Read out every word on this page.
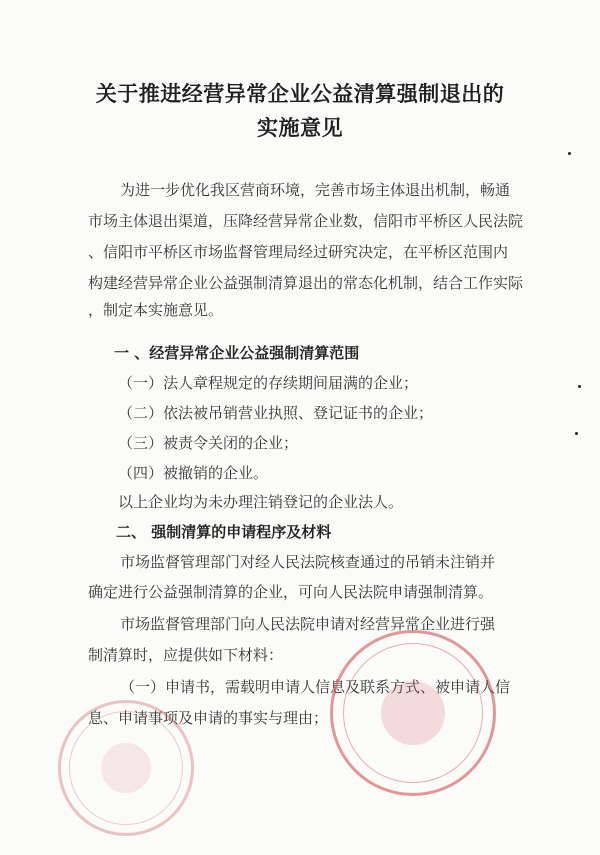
关于推进经营异常企业公益清算强制退出的
实施意见
为进一步优化我区营商环境，完善市场主体退出机制，畅通
市场主体退出渠道，压降经营异常企业数，信阳市平桥区人民法院
、信阳市平桥区市场监督管理局经过研究决定，在平桥区范围内
构建经营异常企业公益强制清算退出的常态化机制，结合工作实际
，制定本实施意见。
一 、经营异常企业公益强制清算范围
（一）法人章程规定的存续期间届满的企业；
（二）依法被吊销营业执照、登记证书的企业；
（三）被责令关闭的企业；
（四）被撤销的企业。
以上企业均为未办理注销登记的企业法人。
二、 强制清算的申请程序及材料
市场监督管理部门对经人民法院核查通过的吊销未注销并
确定进行公益强制清算的企业，可向人民法院申请强制清算。
市场监督管理部门向人民法院申请对经营异常企业进行强
制清算时，应提供如下材料：
（一）申请书，需载明申请人信息及联系方式、被申请人信
息、申请事项及申请的事实与理由；
